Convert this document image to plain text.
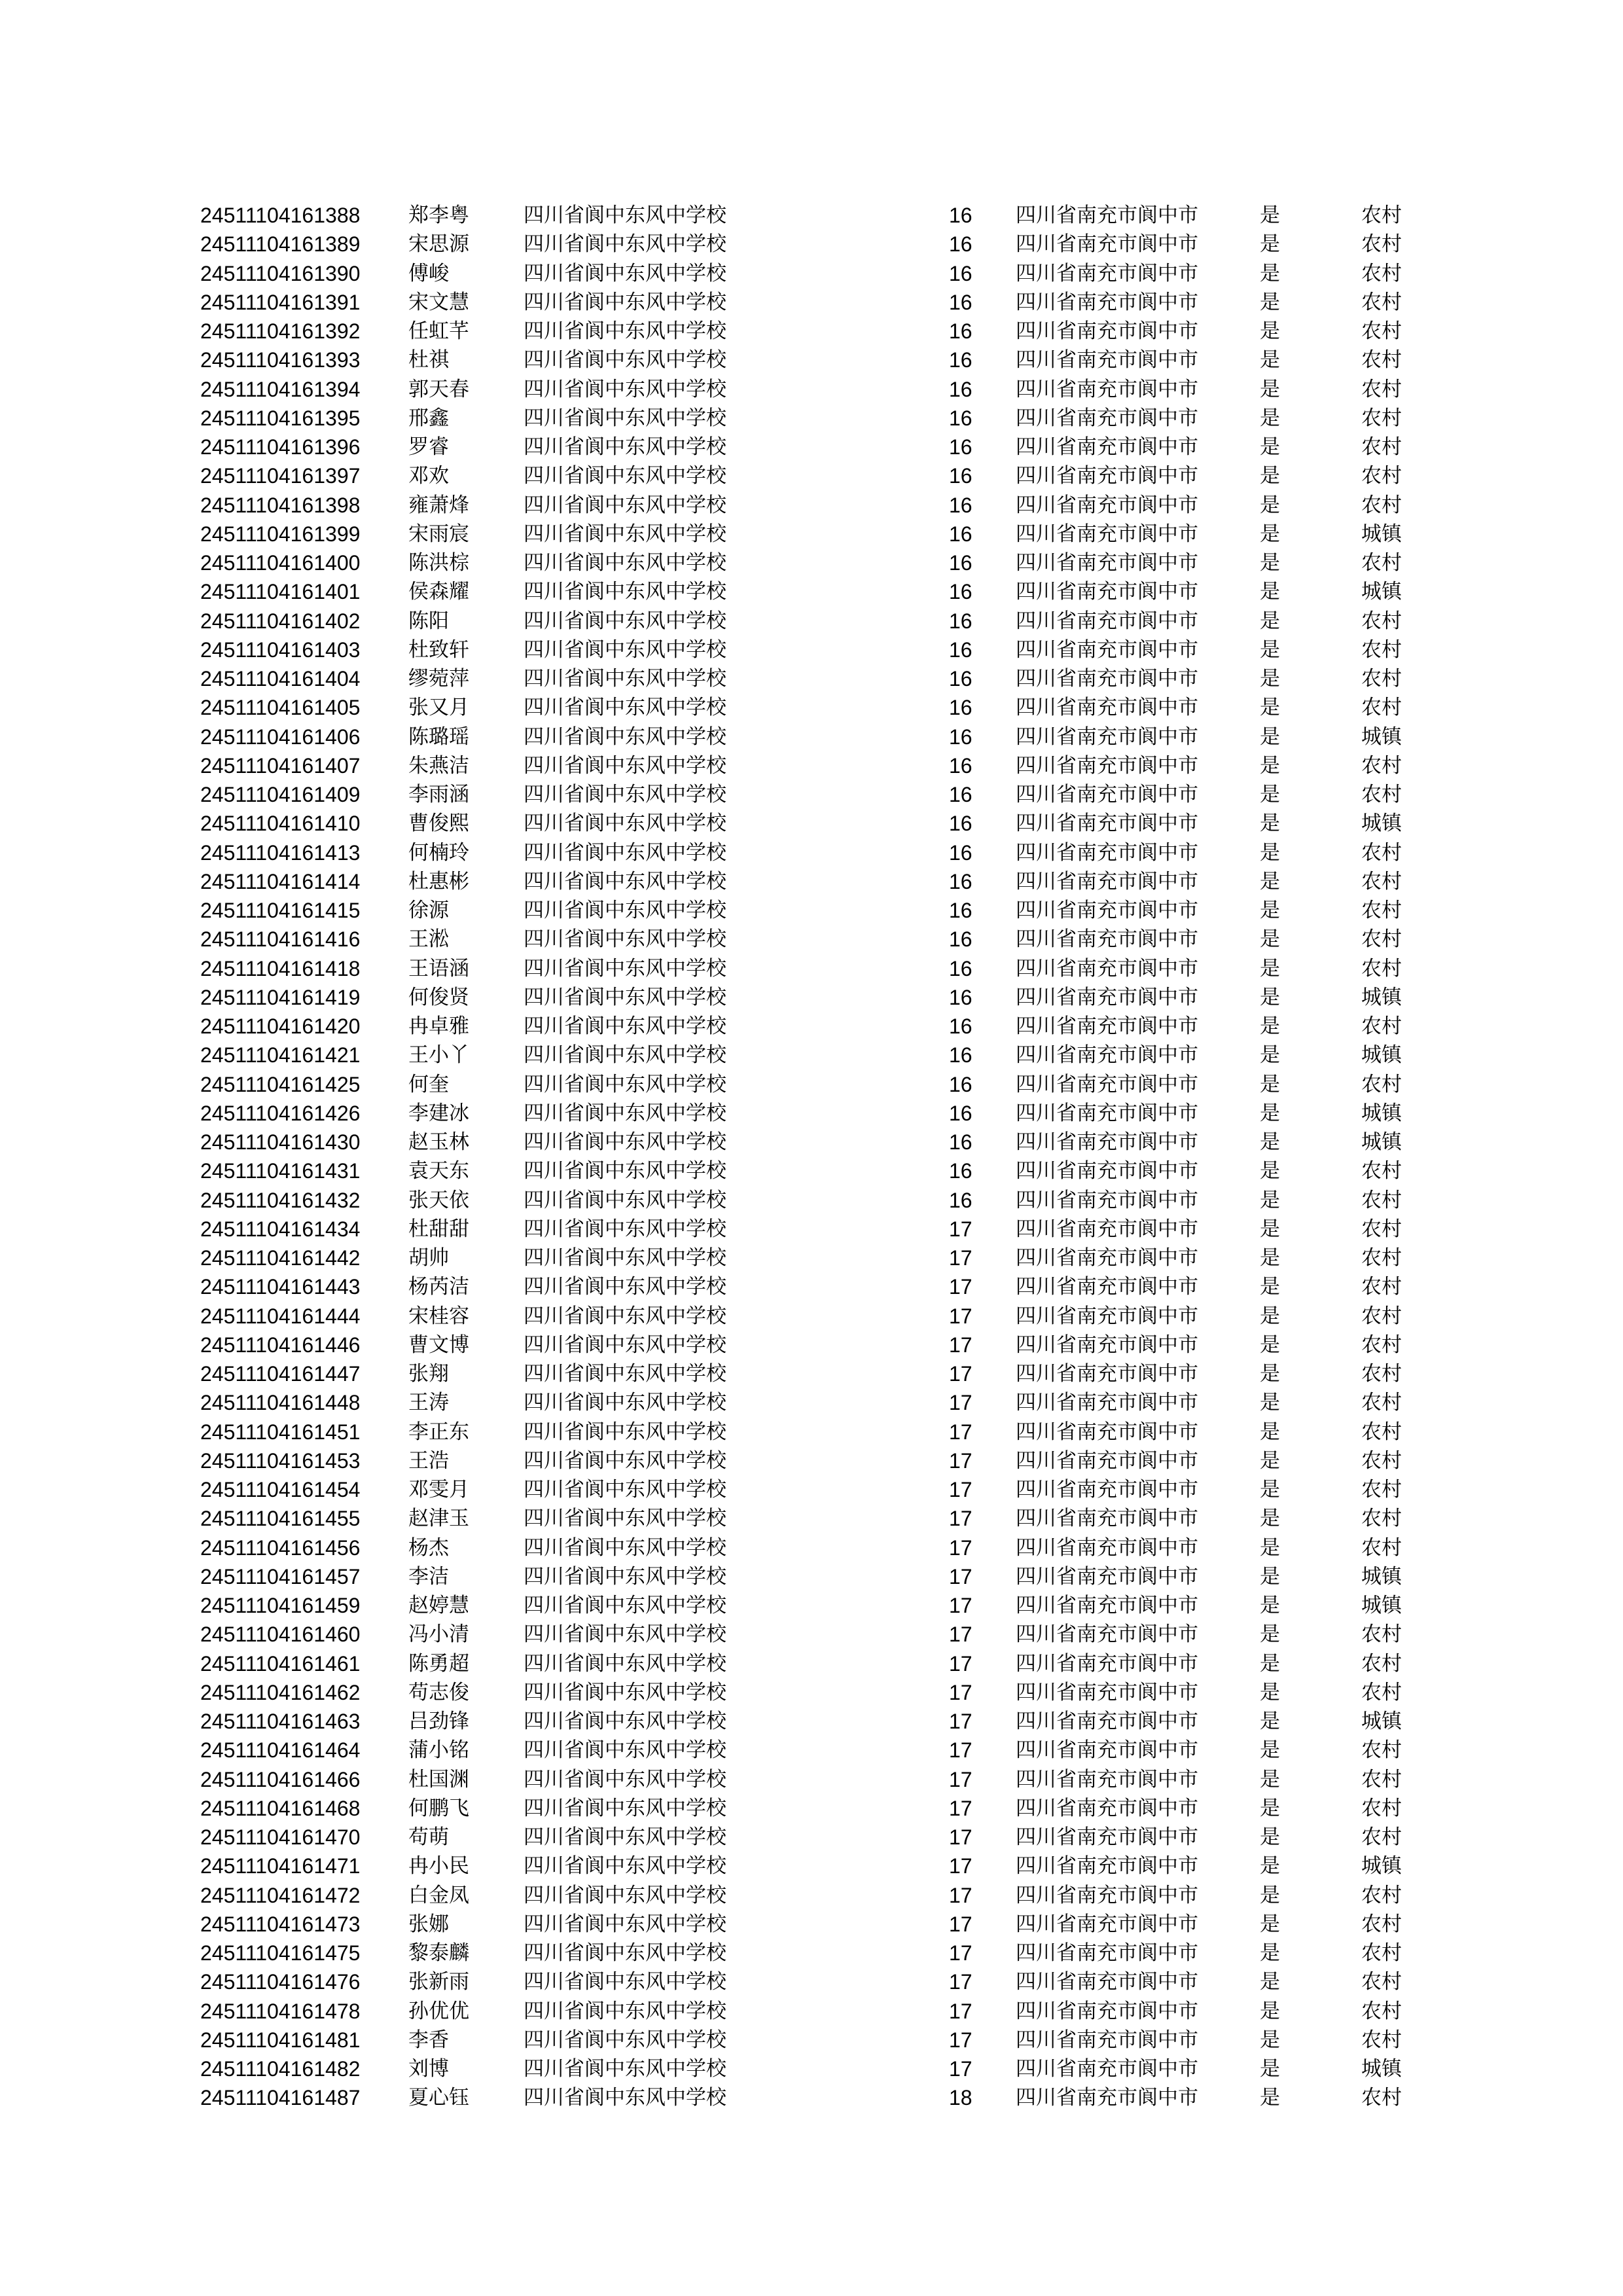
24511104161388 郑李粤	四川省阆中东风中学校	16 四川省南充市阆中市	是	农村
24511104161389 宋思源	四川省阆中东风中学校	16 四川省南充市阆中市	是	农村
24511104161390 傅峻	四川省阆中东风中学校	16 四川省南充市阆中市	是	农村
24511104161391 宋文慧	四川省阆中东风中学校	16 四川省南充市阆中市	是	农村
24511104161392 任虹芊	四川省阆中东风中学校	16 四川省南充市阆中市	是	农村
24511104161393 杜祺	四川省阆中东风中学校	16 四川省南充市阆中市	是	农村
24511104161394 郭天春	四川省阆中东风中学校	16 四川省南充市阆中市	是	农村
24511104161395 邢鑫	四川省阆中东风中学校	16 四川省南充市阆中市	是	农村
24511104161396 罗睿	四川省阆中东风中学校	16 四川省南充市阆中市	是	农村
24511104161397 邓欢	四川省阆中东风中学校	16 四川省南充市阆中市	是	农村
24511104161398 雍萧烽	四川省阆中东风中学校	16 四川省南充市阆中市	是	农村
24511104161399 宋雨宸	四川省阆中东风中学校	16 四川省南充市阆中市	是	城镇
24511104161400 陈洪棕	四川省阆中东风中学校	16 四川省南充市阆中市	是	农村
24511104161401 侯森耀	四川省阆中东风中学校	16 四川省南充市阆中市	是	城镇
24511104161402 陈阳	四川省阆中东风中学校	16 四川省南充市阆中市	是	农村
24511104161403 杜致轩	四川省阆中东风中学校	16 四川省南充市阆中市	是	农村
24511104161404 缪菀萍	四川省阆中东风中学校	16 四川省南充市阆中市	是	农村
24511104161405 张又月	四川省阆中东风中学校	16 四川省南充市阆中市	是	农村
24511104161406 陈璐瑶	四川省阆中东风中学校	16 四川省南充市阆中市	是	城镇
24511104161407 朱燕洁	四川省阆中东风中学校	16 四川省南充市阆中市	是	农村
24511104161409 李雨涵	四川省阆中东风中学校	16 四川省南充市阆中市	是	农村
24511104161410 曹俊熙	四川省阆中东风中学校	16 四川省南充市阆中市	是	城镇
24511104161413 何楠玲	四川省阆中东风中学校	16 四川省南充市阆中市	是	农村
24511104161414 杜惠彬	四川省阆中东风中学校	16 四川省南充市阆中市	是	农村
24511104161415 徐源	四川省阆中东风中学校	16 四川省南充市阆中市	是	农村
24511104161416 王淞	四川省阆中东风中学校	16 四川省南充市阆中市	是	农村
24511104161418 王语涵	四川省阆中东风中学校	16 四川省南充市阆中市	是	农村
24511104161419 何俊贤	四川省阆中东风中学校	16 四川省南充市阆中市	是	城镇
24511104161420 冉卓雅	四川省阆中东风中学校	16 四川省南充市阆中市	是	农村
24511104161421 王小丫	四川省阆中东风中学校	16 四川省南充市阆中市	是	城镇
24511104161425 何奎	四川省阆中东风中学校	16 四川省南充市阆中市	是	农村
24511104161426 李建冰	四川省阆中东风中学校	16 四川省南充市阆中市	是	城镇
24511104161430 赵玉林	四川省阆中东风中学校	16 四川省南充市阆中市	是	城镇
24511104161431 袁天东	四川省阆中东风中学校	16 四川省南充市阆中市	是	农村
24511104161432 张天依	四川省阆中东风中学校	16 四川省南充市阆中市	是	农村
24511104161434 杜甜甜	四川省阆中东风中学校	17 四川省南充市阆中市	是	农村
24511104161442 胡帅	四川省阆中东风中学校	17 四川省南充市阆中市	是	农村
24511104161443 杨芮洁	四川省阆中东风中学校	17 四川省南充市阆中市	是	农村
24511104161444 宋桂容	四川省阆中东风中学校	17 四川省南充市阆中市	是	农村
24511104161446 曹文博	四川省阆中东风中学校	17 四川省南充市阆中市	是	农村
24511104161447 张翔	四川省阆中东风中学校	17 四川省南充市阆中市	是	农村
24511104161448 王涛	四川省阆中东风中学校	17 四川省南充市阆中市	是	农村
24511104161451 李正东	四川省阆中东风中学校	17 四川省南充市阆中市	是	农村
24511104161453 王浩	四川省阆中东风中学校	17 四川省南充市阆中市	是	农村
24511104161454 邓雯月	四川省阆中东风中学校	17 四川省南充市阆中市	是	农村
24511104161455 赵津玉	四川省阆中东风中学校	17 四川省南充市阆中市	是	农村
24511104161456 杨杰	四川省阆中东风中学校	17 四川省南充市阆中市	是	农村
24511104161457 李洁	四川省阆中东风中学校	17 四川省南充市阆中市	是	城镇
24511104161459 赵婷慧	四川省阆中东风中学校	17 四川省南充市阆中市	是	城镇
24511104161460 冯小清	四川省阆中东风中学校	17 四川省南充市阆中市	是	农村
24511104161461 陈勇超	四川省阆中东风中学校	17 四川省南充市阆中市	是	农村
24511104161462 苟志俊	四川省阆中东风中学校	17 四川省南充市阆中市	是	农村
24511104161463 吕劲锋	四川省阆中东风中学校	17 四川省南充市阆中市	是	城镇
24511104161464 蒲小铭	四川省阆中东风中学校	17 四川省南充市阆中市	是	农村
24511104161466 杜国渊	四川省阆中东风中学校	17 四川省南充市阆中市	是	农村
24511104161468 何鹏飞	四川省阆中东风中学校	17 四川省南充市阆中市	是	农村
24511104161470 苟萌	四川省阆中东风中学校	17 四川省南充市阆中市	是	农村
24511104161471 冉小民	四川省阆中东风中学校	17 四川省南充市阆中市	是	城镇
24511104161472 白金凤	四川省阆中东风中学校	17 四川省南充市阆中市	是	农村
24511104161473 张娜	四川省阆中东风中学校	17 四川省南充市阆中市	是	农村
24511104161475 黎泰麟	四川省阆中东风中学校	17 四川省南充市阆中市	是	农村
24511104161476 张新雨	四川省阆中东风中学校	17 四川省南充市阆中市	是	农村
24511104161478 孙优优	四川省阆中东风中学校	17 四川省南充市阆中市	是	农村
24511104161481 李香	四川省阆中东风中学校	17 四川省南充市阆中市	是	农村
24511104161482 刘博	四川省阆中东风中学校	17 四川省南充市阆中市	是	城镇
24511104161487 夏心钰	四川省阆中东风中学校	18 四川省南充市阆中市	是	农村
